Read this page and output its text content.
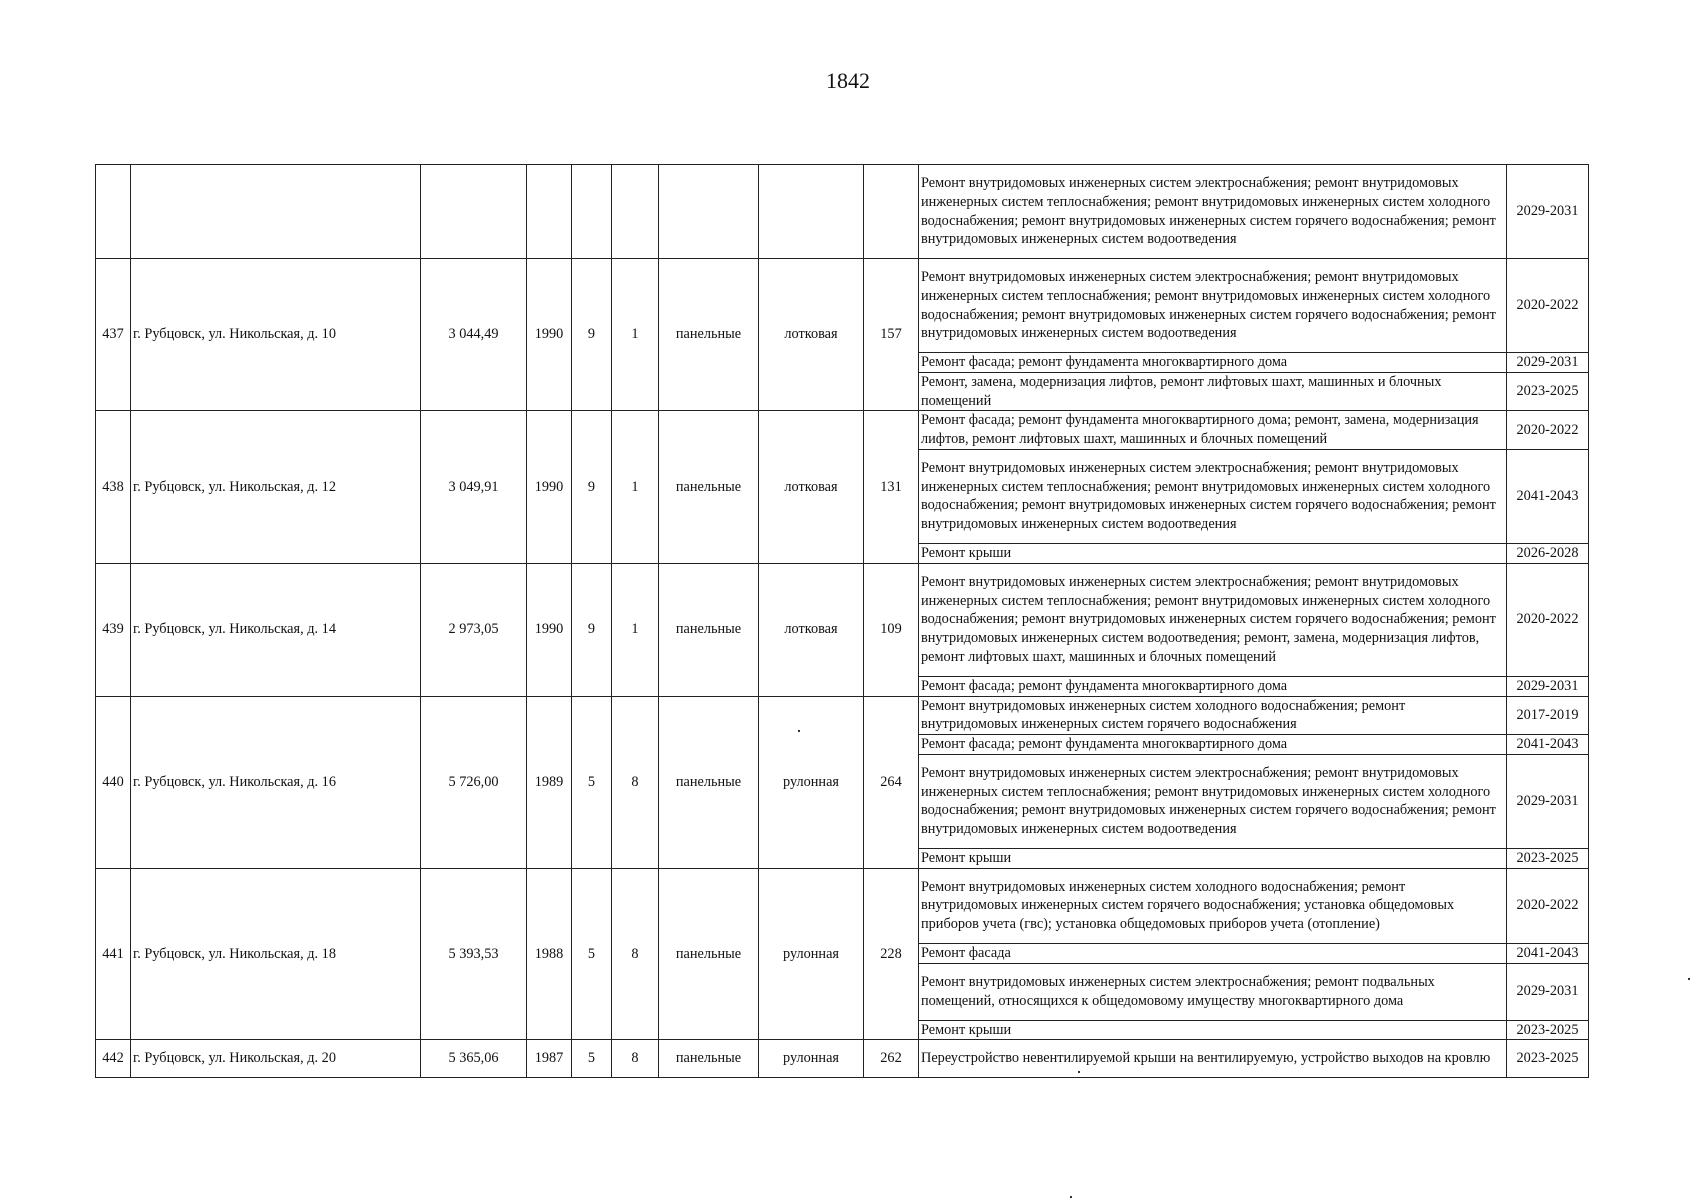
1842
									Ремонт внутридомовых инженерных систем электроснабжения; ремонт внутридомовых инженерных систем теплоснабжения; ремонт внутридомовых инженерных систем холодного водоснабжения; ремонт внутридомовых инженерных систем горячего водоснабжения; ремонт внутридомовых инженерных систем водоотведения	2029-2031
437	г. Рубцовск, ул. Никольская, д. 10	3 044,49	1990	9	1	панельные	лотковая	157	Ремонт внутридомовых инженерных систем электроснабжения; ремонт внутридомовых инженерных систем теплоснабжения; ремонт внутридомовых инженерных систем холодного водоснабжения; ремонт внутридомовых инженерных систем горячего водоснабжения; ремонт внутридомовых инженерных систем водоотведения	2020-2022
									Ремонт фасада; ремонт фундамента многоквартирного дома	2029-2031
									Ремонт, замена, модернизация лифтов, ремонт лифтовых шахт, машинных и блочных помещений	2023-2025
438	г. Рубцовск, ул. Никольская, д. 12	3 049,91	1990	9	1	панельные	лотковая	131	Ремонт фасада; ремонт фундамента многоквартирного дома; ремонт, замена, модернизация лифтов, ремонт лифтовых шахт, машинных и блочных помещений	2020-2022
									Ремонт внутридомовых инженерных систем электроснабжения; ремонт внутридомовых инженерных систем теплоснабжения; ремонт внутридомовых инженерных систем холодного водоснабжения; ремонт внутридомовых инженерных систем горячего водоснабжения; ремонт внутридомовых инженерных систем водоотведения	2041-2043
									Ремонт крыши	2026-2028
439	г. Рубцовск, ул. Никольская, д. 14	2 973,05	1990	9	1	панельные	лотковая	109	Ремонт внутридомовых инженерных систем электроснабжения; ремонт внутридомовых инженерных систем теплоснабжения; ремонт внутридомовых инженерных систем холодного водоснабжения; ремонт внутридомовых инженерных систем горячего водоснабжения; ремонт внутридомовых инженерных систем водоотведения; ремонт, замена, модернизация лифтов, ремонт лифтовых шахт, машинных и блочных помещений	2020-2022
									Ремонт фасада; ремонт фундамента многоквартирного дома	2029-2031
440	г. Рубцовск, ул. Никольская, д. 16	5 726,00	1989	5	8	панельные	рулонная	264	Ремонт внутридомовых инженерных систем холодного водоснабжения; ремонт внутридомовых инженерных систем горячего водоснабжения	2017-2019
									Ремонт фасада; ремонт фундамента многоквартирного дома	2041-2043
									Ремонт внутридомовых инженерных систем электроснабжения; ремонт внутридомовых инженерных систем теплоснабжения; ремонт внутридомовых инженерных систем холодного водоснабжения; ремонт внутридомовых инженерных систем горячего водоснабжения; ремонт внутридомовых инженерных систем водоотведения	2029-2031
									Ремонт крыши	2023-2025
441	г. Рубцовск, ул. Никольская, д. 18	5 393,53	1988	5	8	панельные	рулонная	228	Ремонт внутридомовых инженерных систем холодного водоснабжения; ремонт внутридомовых инженерных систем горячего водоснабжения; установка общедомовых приборов учета (гвс); установка общедомовых приборов учета (отопление)	2020-2022
									Ремонт фасада	2041-2043
									Ремонт внутридомовых инженерных систем электроснабжения; ремонт подвальных помещений, относящихся к общедомовому имуществу многоквартирного дома	2029-2031
									Ремонт крыши	2023-2025
442	г. Рубцовск, ул. Никольская, д. 20	5 365,06	1987	5	8	панельные	рулонная	262	Переустройство невентилируемой крыши на вентилируемую, устройство выходов на кровлю	2023-2025
